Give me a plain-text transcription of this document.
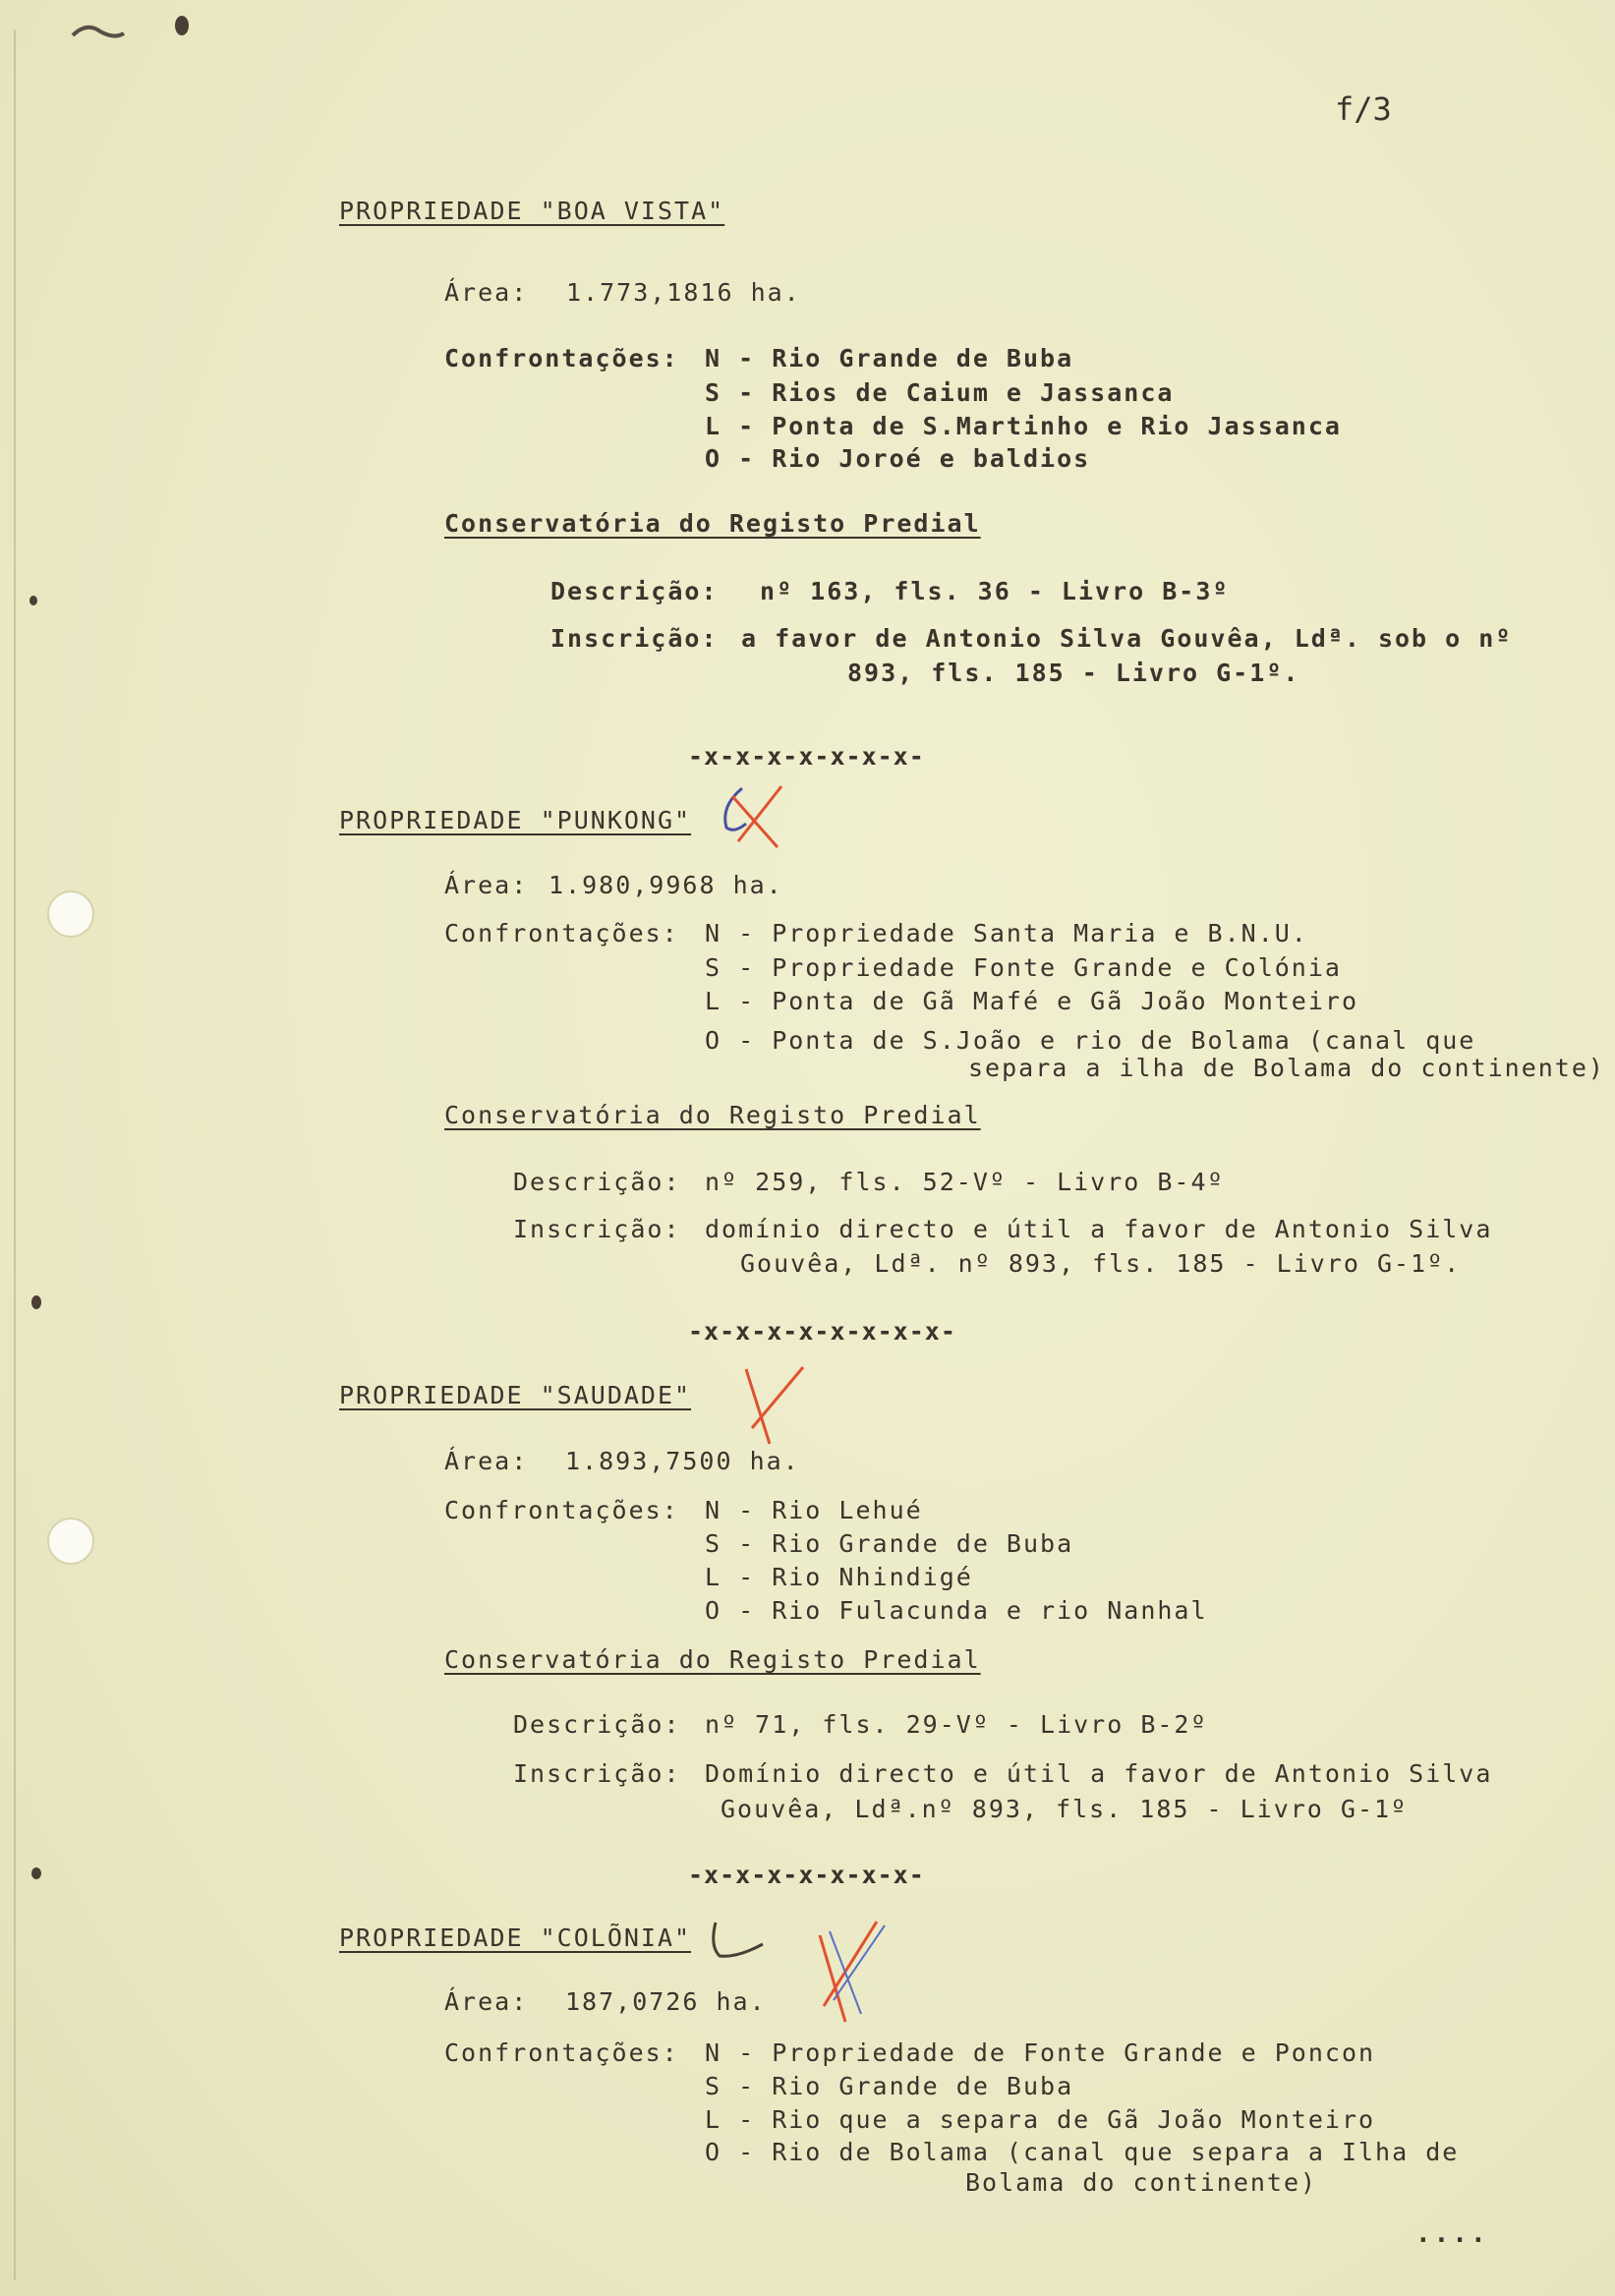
f/3
PROPRIEDADE "BOA VISTA"
Área: 1.773,1816 ha.
Confrontações: N - Rio Grande de Buba
S - Rios de Caium e Jassanca
L - Ponta de S.Martinho e Rio Jassanca
O - Rio Joroé e baldios
Conservatória do Registo Predial
Descrição: nº 163, fls. 36 - Livro B-3º
Inscrição: a favor de Antonio Silva Gouvêa, Ldª. sob o nº
893, fls. 185 - Livro G-1º.
-x-x-x-x-x-x-x-
PROPRIEDADE "PUNKONG"
Área: 1.980,9968 ha.
Confrontações: N - Propriedade Santa Maria e B.N.U.
S - Propriedade Fonte Grande e Colónia
L - Ponta de Gã Mafé e Gã João Monteiro
O - Ponta de S.João e rio de Bolama (canal que
separa a ilha de Bolama do continente)
Conservatória do Registo Predial
Descrição: nº 259, fls. 52-Vº - Livro B-4º
Inscrição: domínio directo e útil a favor de Antonio Silva
Gouvêa, Ldª. nº 893, fls. 185 - Livro G-1º.
-x-x-x-x-x-x-x-x-
PROPRIEDADE "SAUDADE"
Área: 1.893,7500 ha.
Confrontações: N - Rio Lehué
S - Rio Grande de Buba
L - Rio Nhindigé
O - Rio Fulacunda e rio Nanhal
Conservatória do Registo Predial
Descrição: nº 71, fls. 29-Vº - Livro B-2º
Inscrição: Domínio directo e útil a favor de Antonio Silva
Gouvêa, Ldª.nº 893, fls. 185 - Livro G-1º
-x-x-x-x-x-x-x-
PROPRIEDADE "COLÕNIA"
Área: 187,0726 ha.
Confrontações: N - Propriedade de Fonte Grande e Poncon
S - Rio Grande de Buba
L - Rio que a separa de Gã João Monteiro
O - Rio de Bolama (canal que separa a Ilha de
Bolama do continente)
....
